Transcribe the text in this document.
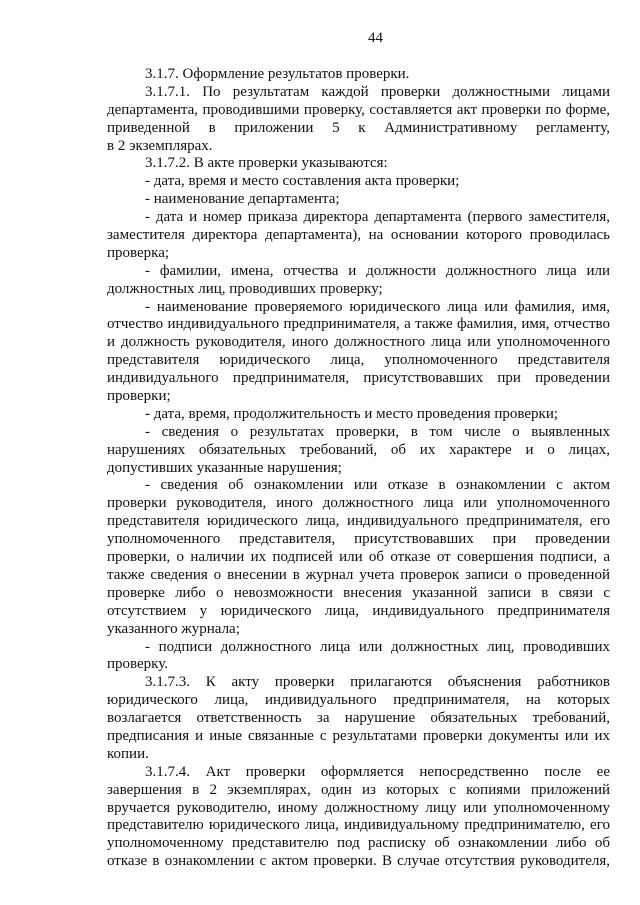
44
3.1.7. Оформление результатов проверки.
3.1.7.1. По результатам каждой проверки должностными лицами
департамента, проводившими проверку, составляется акт проверки по форме,
приведенной в приложении 5 к Административному регламенту,
в 2 экземплярах.
3.1.7.2. В акте проверки указываются:
- дата, время и место составления акта проверки;
- наименование департамента;
- дата и номер приказа директора департамента (первого заместителя,
заместителя директора департамента), на основании которого проводилась
проверка;
- фамилии, имена, отчества и должности должностного лица или
должностных лиц, проводивших проверку;
- наименование проверяемого юридического лица или фамилия, имя,
отчество индивидуального предпринимателя, а также фамилия, имя, отчество
и должность руководителя, иного должностного лица или уполномоченного
представителя юридического лица, уполномоченного представителя
индивидуального предпринимателя, присутствовавших при проведении
проверки;
- дата, время, продолжительность и место проведения проверки;
- сведения о результатах проверки, в том числе о выявленных
нарушениях обязательных требований, об их характере и о лицах,
допустивших указанные нарушения;
- сведения об ознакомлении или отказе в ознакомлении с актом
проверки руководителя, иного должностного лица или уполномоченного
представителя юридического лица, индивидуального предпринимателя, его
уполномоченного представителя, присутствовавших при проведении
проверки, о наличии их подписей или об отказе от совершения подписи, а
также сведения о внесении в журнал учета проверок записи о проведенной
проверке либо о невозможности внесения указанной записи в связи с
отсутствием у юридического лица, индивидуального предпринимателя
указанного журнала;
- подписи должностного лица или должностных лиц, проводивших
проверку.
3.1.7.3. К акту проверки прилагаются объяснения работников
юридического лица, индивидуального предпринимателя, на которых
возлагается ответственность за нарушение обязательных требований,
предписания и иные связанные с результатами проверки документы или их
копии.
3.1.7.4. Акт проверки оформляется непосредственно после ее
завершения в 2 экземплярах, один из которых с копиями приложений
вручается руководителю, иному должностному лицу или уполномоченному
представителю юридического лица, индивидуальному предпринимателю, его
уполномоченному представителю под расписку об ознакомлении либо об
отказе в ознакомлении с актом проверки. В случае отсутствия руководителя,
